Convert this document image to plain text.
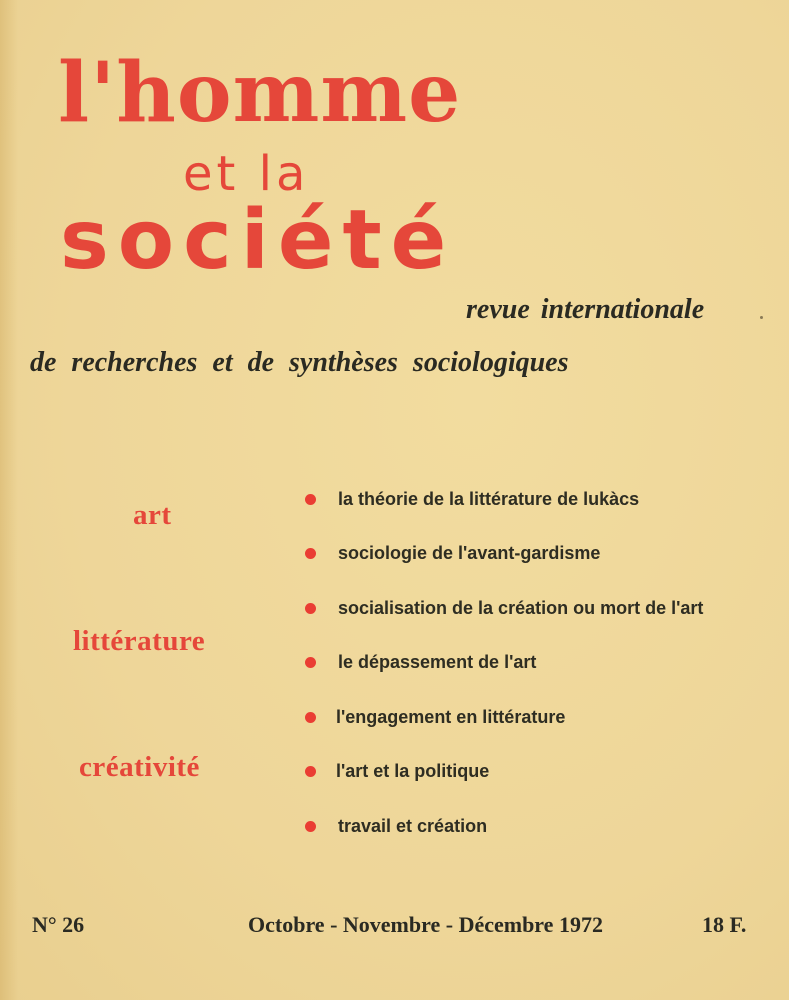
l'homme
et la
société
revue internationale
de recherches et de synthèses sociologiques
art
littérature
créativité
la théorie de la littérature de lukàcs
sociologie de l'avant-gardisme
socialisation de la création ou mort de l'art
le dépassement de l'art
l'engagement en littérature
l'art et la politique
travail et création
N° 26	Octobre - Novembre - Décembre 1972	18 F.
